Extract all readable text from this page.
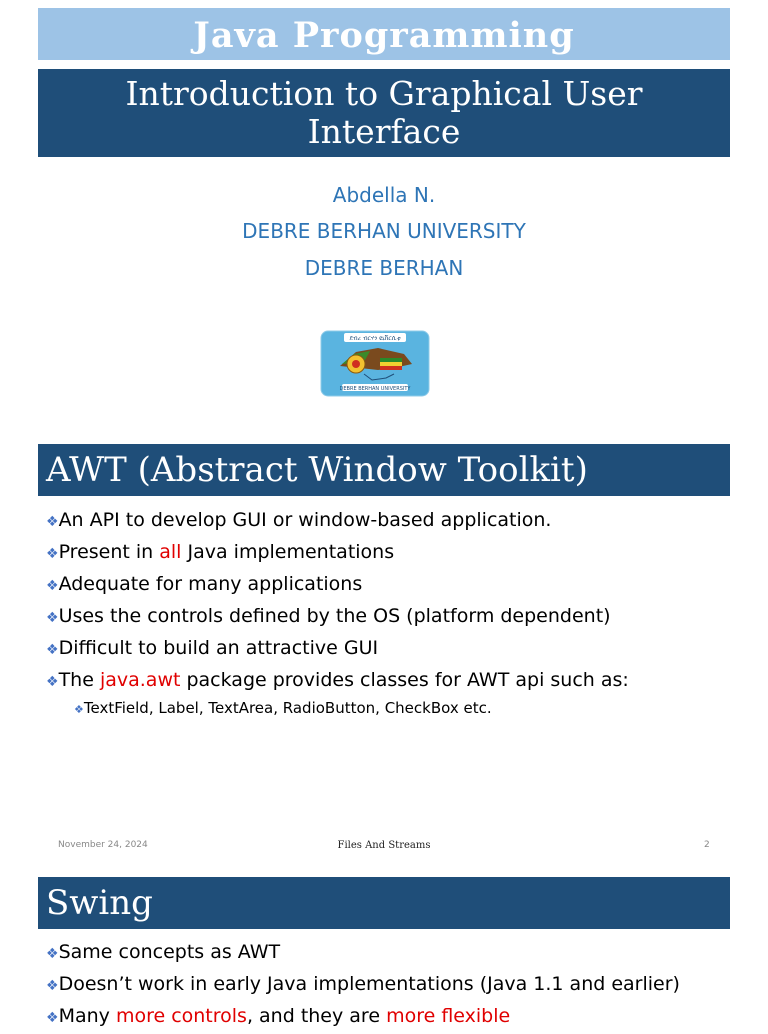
Java Programming
Introduction to Graphical User Interface
Abdella N.
DEBRE BERHAN UNIVERSITY
DEBRE BERHAN
ደብረ ብርሃን ዩኒቨርሲቲ
DEBRE BERHAN UNIVERSITY
AWT (Abstract Window Toolkit)
❖ An API to develop GUI or window-based application.
❖ Present in all Java implementations
❖ Adequate for many applications
❖ Uses the controls defined by the OS (platform dependent)
❖ Difficult to build an attractive GUI
❖ The java.awt package provides classes for AWT api such as:
❖ TextField, Label, TextArea, RadioButton, CheckBox etc.
November 24, 2024	Files And Streams	2
Swing
❖ Same concepts as AWT
❖ Doesn’t work in early Java implementations (Java 1.1 and earlier)
❖ Many more controls, and they are more flexible
